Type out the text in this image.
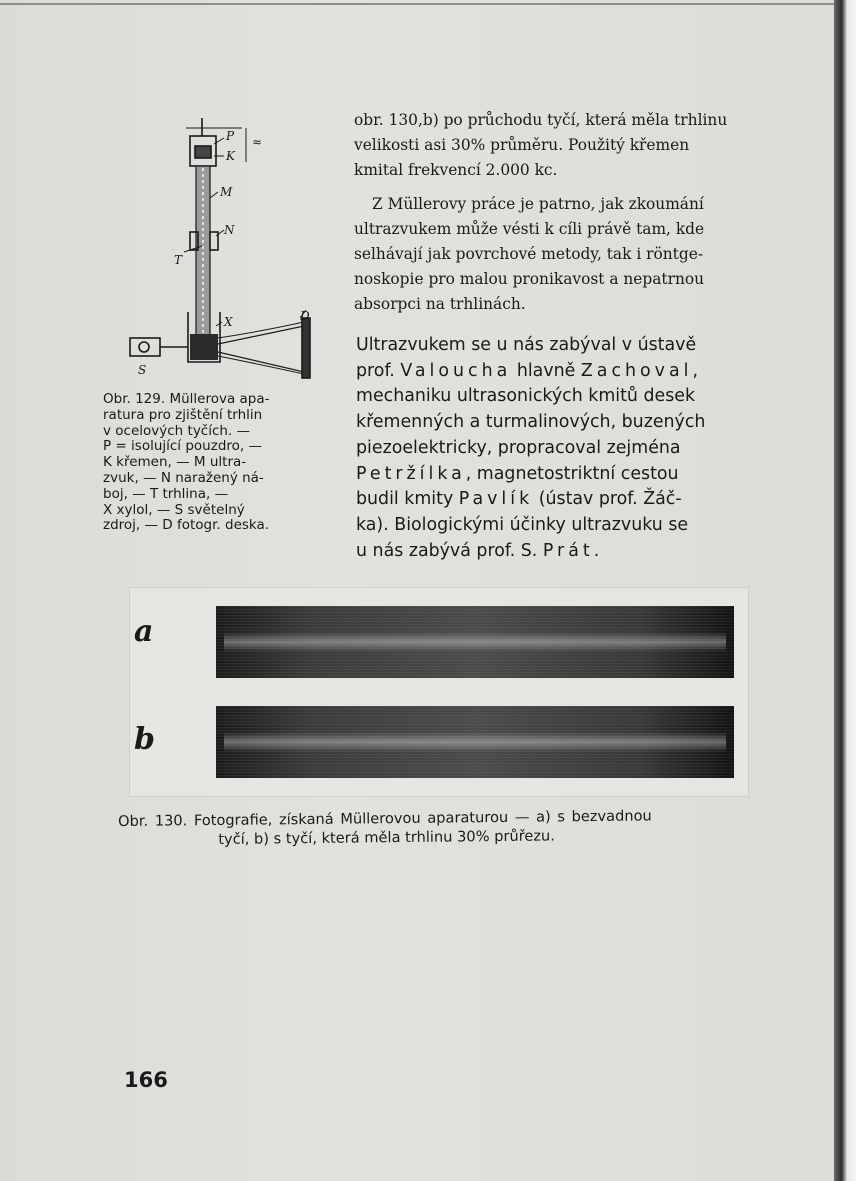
P
K
M
N
T
X	D
S
≈
Obr. 129. Müllerova apa-
ratura pro zjištění trhlin
v ocelových tyčích. —
P = isolující pouzdro, —
K křemen, — M ultra-
zvuk, — N naražený ná-
boj, — T trhlina, —
X xylol, — S světelný
zdroj, — D fotogr. deska.
obr. 130,b) po průchodu tyčí, která měla trhlinu
velikosti asi 30% průměru. Použitý křemen
kmital frekvencí 2.000 kc.
Z Müllerovy práce je patrno, jak zkoumání
ultrazvukem může vésti k cíli právě tam, kde
selhávají jak povrchové metody, tak i röntge-
noskopie pro malou pronikavost a nepatrnou
absorpci na trhlinách.
Ultrazvukem se u nás zabýval v ústavě
prof. Valoucha hlavně Zachoval,
mechaniku ultrasonických kmitů desek
křemenných a turmalinových, buzených
piezoelektricky, propracoval zejména
Petržílka, magnetostriktní cestou
budil kmity Pavlík (ústav prof. Žáč-
ka). Biologickými účinky ultrazvuku se
u nás zabývá prof. S. Prát.
a
b
Obr. 130. Fotografie, získaná Müllerovou aparaturou — a) s bezvadnou
tyčí, b) s tyčí, která měla trhlinu 30% průřezu.
166
